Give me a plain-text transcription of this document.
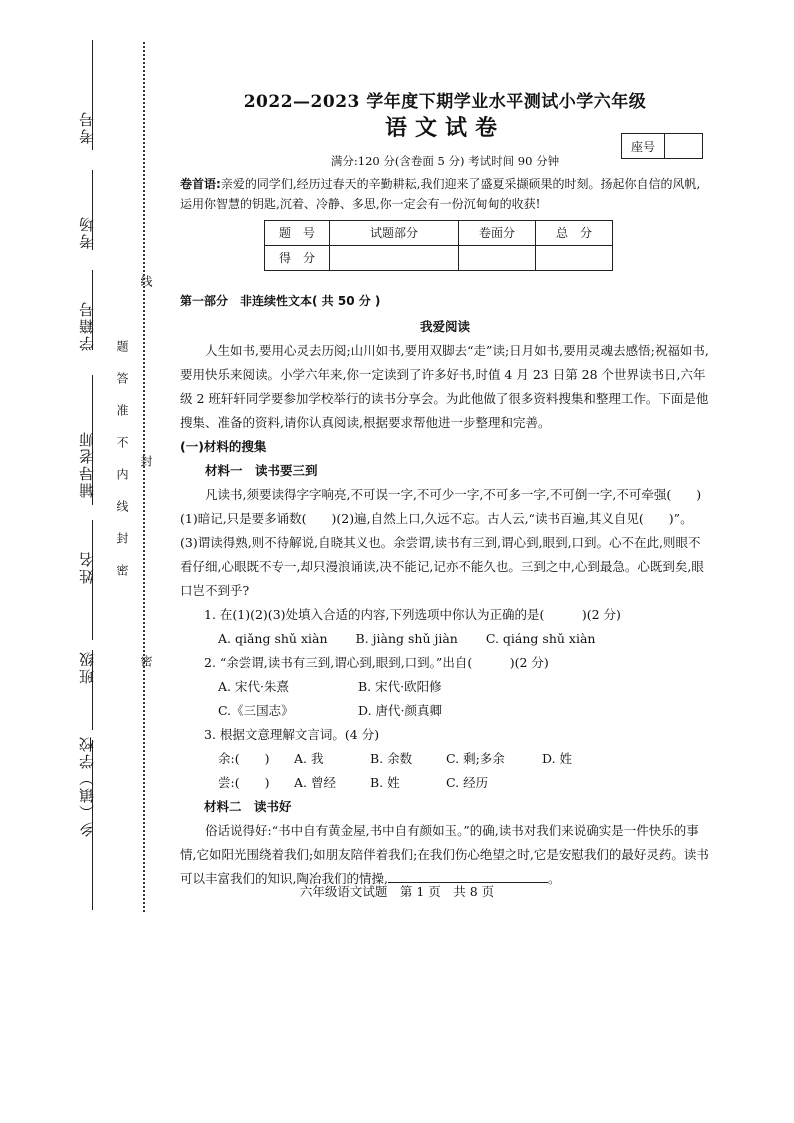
考号
考场
学籍号
辅导老师
姓名
班级
乡（镇）学校
题答准不内线封密
线
封
密
座号
2022—2023 学年度下期学业水平测试小学六年级
语文试卷
满分:120 分(含卷面 5 分) 考试时间 90 分钟

卷首语:亲爱的同学们,经历过春天的辛勤耕耘,我们迎来了盛夏采撷硕果的时刻。扬起你自信的风帆,运用你智慧的钥匙,沉着、冷静、多思,你一定会有一份沉甸甸的收获!

题　号	试题部分	卷面分	总　分
得　分			
第一部分　非连续性文本( 共 50 分 )
我爱阅读

人生如书,要用心灵去历阅;山川如书,要用双脚去“走”读;日月如书,要用灵魂去感悟;祝福如书,要用快乐来阅读。小学六年来,你一定读到了许多好书,时值 4 月 23 日第 28 个世界读书日,六年级 2 班轩轩同学要参加学校举行的读书分享会。为此他做了很多资料搜集和整理工作。下面是他搜集、准备的资料,请你认真阅读,根据要求帮他进一步整理和完善。

(一)材料的搜集

材料一　读书要三到

凡读书,须要读得字字响亮,不可误一字,不可少一字,不可多一字,不可倒一字,不可牵强(　　)(1)暗记,只是要多诵数(　　)(2)遍,自然上口,久远不忘。古人云,“读书百遍,其义自见(　　)”。(3)谓读得熟,则不待解说,自晓其义也。余尝谓,读书有三到,谓心到,眼到,口到。心不在此,则眼不看仔细,心眼既不专一,却只漫浪诵读,决不能记,记亦不能久也。三到之中,心到最急。心既到矣,眼口岂不到乎?

1. 在(1)(2)(3)处填入合适的内容,下列选项中你认为正确的是(　　　)(2 分)

A. qiǎng shǔ xiàn B. jiàng shǔ jiàn C. qiáng shǔ xiàn

2. “余尝谓,读书有三到,谓心到,眼到,口到。”出自(　　　)(2 分)

A. 宋代·朱熹	B. 宋代·欧阳修
C.《三国志》	D. 唐代·颜真卿

3. 根据文意理解文言词。(4 分)

余:(　　)	A. 我	B. 余数	C. 剩;多余	D. 姓
尝:(　　)	A. 曾经	B. 姓	C. 经历

材料二　读书好

俗话说得好:“书中自有黄金屋,书中自有颜如玉。”的确,读书对我们来说确实是一件快乐的事情,它如阳光围绕着我们;如朋友陪伴着我们;在我们伤心绝望之时,它是安慰我们的最好灵药。读书可以丰富我们的知识,陶冶我们的情操,	。

六年级语文试题　第 1 页　共 8 页
